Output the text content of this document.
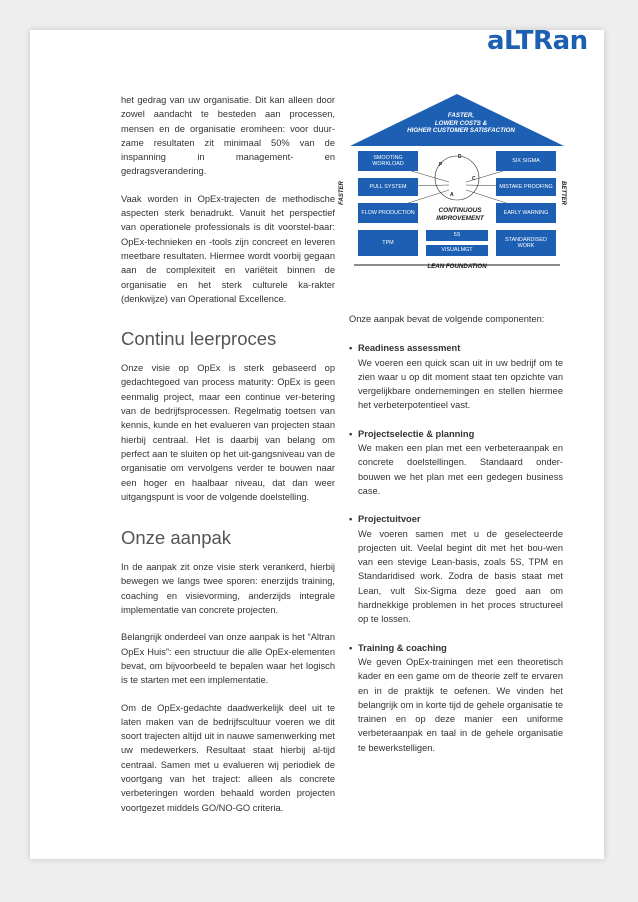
aLTRan

het gedrag van uw organisatie. Dit kan alleen door zowel aandacht te besteden aan processen, mensen en de organisatie eromheen: voor duur-zame resultaten zit minimaal 50% van de inspanning in management- en gedragsverandering.

Vaak worden in OpEx-trajecten de methodische aspecten sterk benadrukt. Vanuit het perspectief van operationele professionals is dit voorstel-baar: OpEx-technieken en -tools zijn concreet en leveren meetbare resultaten. Hiermee wordt voorbij gegaan aan de complexiteit en variëteit binnen de organisatie en het sterk culturele ka-rakter (denkwijze) van Operational Excellence.

Continu leerproces

Onze visie op OpEx is sterk gebaseerd op gedachtegoed van process maturity: OpEx is geen eenmalig project, maar een continue ver-betering van de bedrijfsprocessen. Regelmatig toetsen van kennis, kunde en het evalueren van projecten staan hierbij centraal. Het is daarbij van belang om perfect aan te sluiten op het uit-gangsniveau van de organisatie om vervolgens verder te bouwen naar een hoger en haalbaar niveau, dat dan weer uitgangspunt is voor de volgende doelstelling.

Onze aanpak

In de aanpak zit onze visie sterk verankerd, hierbij bewegen we langs twee sporen: enerzijds training, coaching en visievorming, anderzijds integrale implementatie van concrete projecten.

Belangrijk onderdeel van onze aanpak is het “Altran OpEx Huis”: een structuur die alle OpEx-elementen bevat, om bijvoorbeeld te bepalen waar het logisch is te starten met een implementatie.

Om de OpEx-gedachte daadwerkelijk deel uit te laten maken van de bedrijfscultuur voeren we dit soort trajecten altijd uit in nauwe samenwerking met uw medewerkers. Resultaat staat hierbij al-tijd centraal. Samen met u evalueren wij periodiek de voortgang van het traject: alleen als concrete verbeteringen worden behaald worden projecten voortgezet middels GO/NO-GO criteria.

FASTER,
LOWER COSTS &
HIGHER CUSTOMER SATISFACTION
FASTER	BETTER
SMOOTING WORKLOAD
PULL SYSTEM
FLOW PRODUCTION
SIX SIGMA
MISTAKE PROOFING
EARLY WARNING
P
D
C
A
CONTINUOUS
IMPROVEMENT
TPM
5S
VISUALMGT
STANDARDISED WORK
LEAN FOUNDATION

Onze aanpak bevat de volgende componenten:

• Readiness assessment

We voeren een quick scan uit in uw bedrijf om te zien waar u op dit moment staat ten opzichte van vergelijkbare ondernemingen en stellen hiermee het verbeterpotentieel vast.

• Projectselectie & planning

We maken een plan met een verbeteraanpak en concrete doelstellingen. Standaard onder-bouwen we het plan met een gedegen business case.

• Projectuitvoer

We voeren samen met u de geselecteerde projecten uit. Veelal begint dit met het bou-wen van een stevige Lean-basis, zoals 5S, TPM en Standaridised work. Zodra de basis staat met Lean, vult Six-Sigma deze goed aan om hardnekkige problemen in het proces structureel op te lossen.

• Training & coaching

We geven OpEx-trainingen met een theoretisch kader en een game om de theorie zelf te ervaren en in de praktijk te oefenen. We vinden het belangrijk om in korte tijd de gehele organisatie te trainen en op deze manier een uniforme verbeteraanpak en taal in de gehele organisatie te bewerkstelligen.
